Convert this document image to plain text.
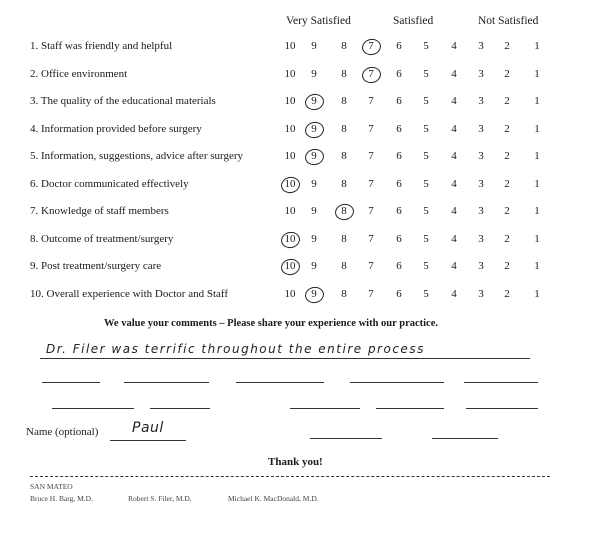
Very Satisfied	Satisfied	Not Satisfied
1. Staff was friendly and helpful	10	9	8	7	6	5	4	3	2	1
2. Office environment	10	9	8	7	6	5	4	3	2	1
3. The quality of the educational materials	10	9	8	7	6	5	4	3	2	1
4. Information provided before surgery	10	9	8	7	6	5	4	3	2	1
5. Information, suggestions, advice after surgery	10	9	8	7	6	5	4	3	2	1
6. Doctor communicated effectively	10	9	8	7	6	5	4	3	2	1
7. Knowledge of staff members	10	9	8	7	6	5	4	3	2	1
8. Outcome of treatment/surgery	10	9	8	7	6	5	4	3	2	1
9. Post treatment/surgery care	10	9	8	7	6	5	4	3	2	1
10. Overall experience with Doctor and Staff	10	9	8	7	6	5	4	3	2	1
We value your comments – Please share your experience with our practice.
Dr. Filer was terrific throughout the entire process
Name (optional) Paul
Thank you!
SAN MATEO
Bruce H. Barg, M.D.	Robert S. Filer, M.D.	Michael K. MacDonald, M.D.
